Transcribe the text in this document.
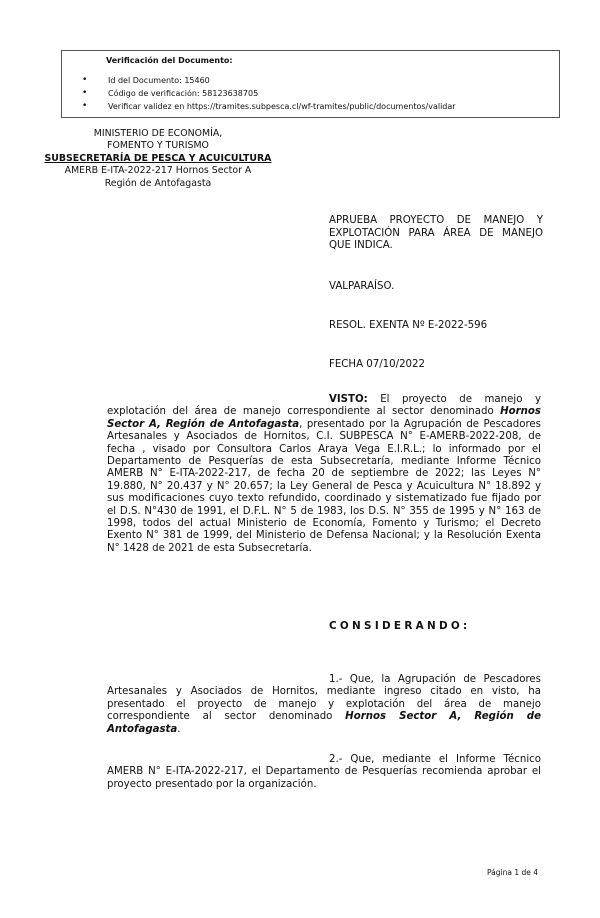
Verificación del Documento:
• Id del Documento: 15460
• Código de verificación: 58123638705
• Verificar validez en https://tramites.subpesca.cl/wf-tramites/public/documentos/validar
MINISTERIO DE ECONOMÍA,
FOMENTO Y TURISMO
SUBSECRETARÍA DE PESCA Y ACUICULTURA
AMERB E-ITA-2022-217 Hornos Sector A
Región de Antofagasta
APRUEBA PROYECTO DE MANEJO Y EXPLOTACIÓN PARA ÁREA DE MANEJO QUE INDICA.
VALPARAÍSO.
RESOL. EXENTA Nº E-2022-596
FECHA 07/10/2022
VISTO: El proyecto de manejo y explotación del área de manejo correspondiente al sector denominado Hornos Sector A, Región de Antofagasta, presentado por la Agrupación de Pescadores Artesanales y Asociados de Hornitos, C.I. SUBPESCA N° E-AMERB-2022-208, de fecha , visado por Consultora Carlos Araya Vega E.I.R.L.; lo informado por el Departamento de Pesquerías de esta Subsecretaría, mediante Informe Técnico AMERB N° E-ITA-2022-217, de fecha 20 de septiembre de 2022; las Leyes N° 19.880, N° 20.437 y N° 20.657; la Ley General de Pesca y Acuicultura N° 18.892 y sus modificaciones cuyo texto refundido, coordinado y sistematizado fue fijado por el D.S. N°430 de 1991, el D.F.L. N° 5 de 1983, los D.S. N° 355 de 1995 y N° 163 de 1998, todos del actual Ministerio de Economía, Fomento y Turismo; el Decreto Exento N° 381 de 1999, del Ministerio de Defensa Nacional; y la Resolución Exenta N° 1428 de 2021 de esta Subsecretaría.
CONSIDERANDO:
1.- Que, la Agrupación de Pescadores Artesanales y Asociados de Hornitos, mediante ingreso citado en visto, ha presentado el proyecto de manejo y explotación del área de manejo correspondiente al sector denominado Hornos Sector A, Región de Antofagasta.
2.- Que, mediante el Informe Técnico AMERB N° E-ITA-2022-217, el Departamento de Pesquerías recomienda aprobar el proyecto presentado por la organización.
Página 1 de 4
